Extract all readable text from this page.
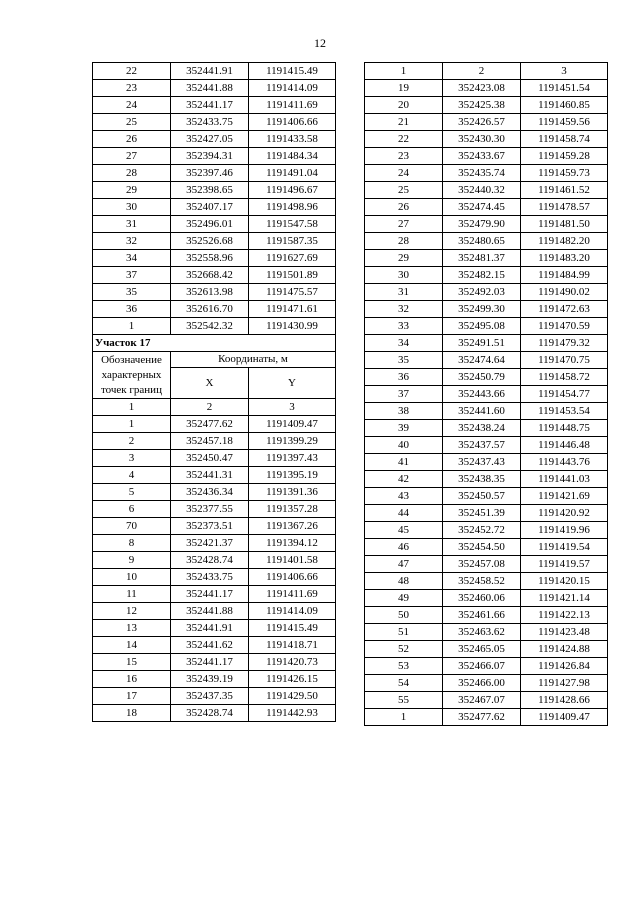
12
22	352441.91	1191415.49
23	352441.88	1191414.09
24	352441.17	1191411.69
25	352433.75	1191406.66
26	352427.05	1191433.58
27	352394.31	1191484.34
28	352397.46	1191491.04
29	352398.65	1191496.67
30	352407.17	1191498.96
31	352496.01	1191547.58
32	352526.68	1191587.35
34	352558.96	1191627.69
37	352668.42	1191501.89
35	352613.98	1191475.57
36	352616.70	1191471.61
1	352542.32	1191430.99
Участок 17		
Обозначение характерных точек границ	Координаты, м	
	X	Y
1	2	3
1	352477.62	1191409.47
2	352457.18	1191399.29
3	352450.47	1191397.43
4	352441.31	1191395.19
5	352436.34	1191391.36
6	352377.55	1191357.28
70	352373.51	1191367.26
8	352421.37	1191394.12
9	352428.74	1191401.58
10	352433.75	1191406.66
11	352441.17	1191411.69
12	352441.88	1191414.09
13	352441.91	1191415.49
14	352441.62	1191418.71
15	352441.17	1191420.73
16	352439.19	1191426.15
17	352437.35	1191429.50
18	352428.74	1191442.93
1	2	3
19	352423.08	1191451.54
20	352425.38	1191460.85
21	352426.57	1191459.56
22	352430.30	1191458.74
23	352433.67	1191459.28
24	352435.74	1191459.73
25	352440.32	1191461.52
26	352474.45	1191478.57
27	352479.90	1191481.50
28	352480.65	1191482.20
29	352481.37	1191483.20
30	352482.15	1191484.99
31	352492.03	1191490.02
32	352499.30	1191472.63
33	352495.08	1191470.59
34	352491.51	1191479.32
35	352474.64	1191470.75
36	352450.79	1191458.72
37	352443.66	1191454.77
38	352441.60	1191453.54
39	352438.24	1191448.75
40	352437.57	1191446.48
41	352437.43	1191443.76
42	352438.35	1191441.03
43	352450.57	1191421.69
44	352451.39	1191420.92
45	352452.72	1191419.96
46	352454.50	1191419.54
47	352457.08	1191419.57
48	352458.52	1191420.15
49	352460.06	1191421.14
50	352461.66	1191422.13
51	352463.62	1191423.48
52	352465.05	1191424.88
53	352466.07	1191426.84
54	352466.00	1191427.98
55	352467.07	1191428.66
1	352477.62	1191409.47
